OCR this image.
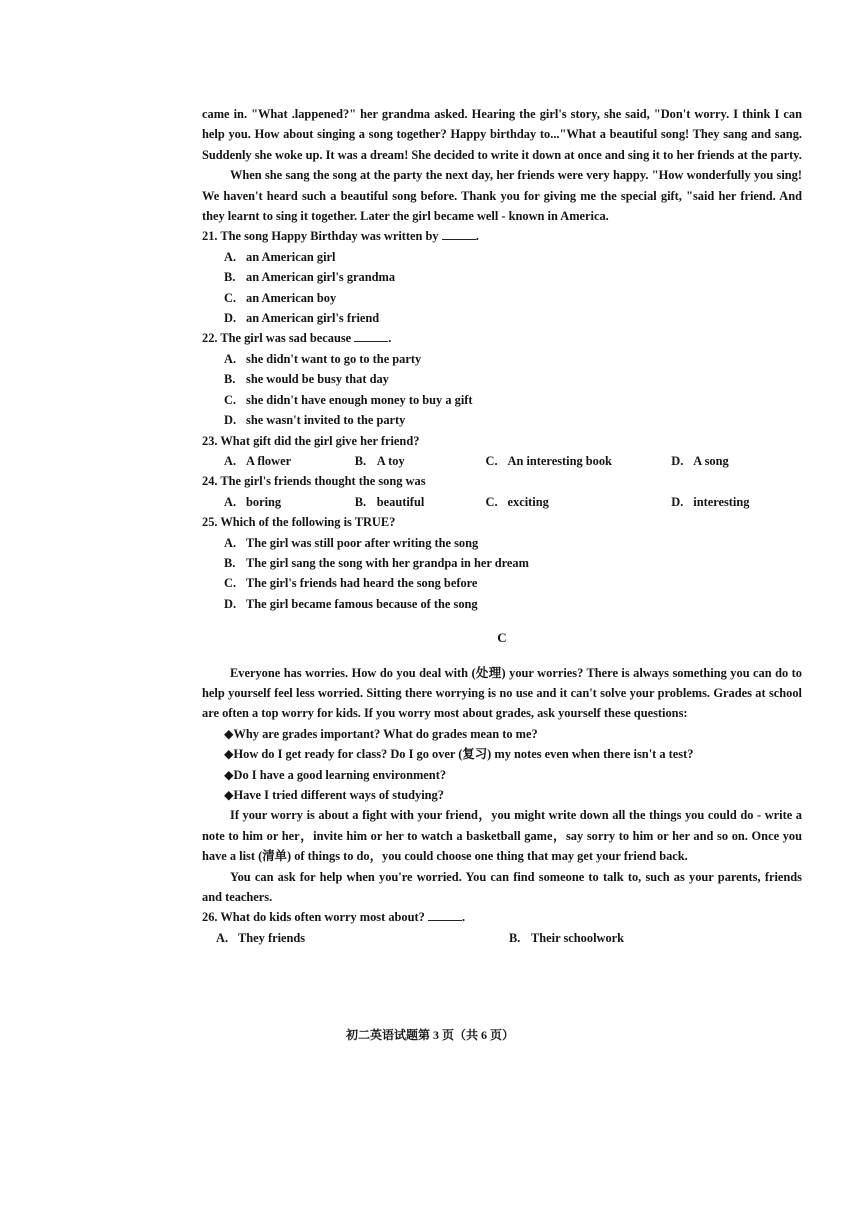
came in. "What .lappened?" her grandma asked. Hearing the girl's story, she said, "Don't worry. I think I can help you. How about singing a song together? Happy birthday to..."What a beautiful song! They sang and sang. Suddenly she woke up. It was a dream! She decided to write it down at once and sing it to her friends at the party.

When she sang the song at the party the next day, her friends were very happy. "How wonderfully you sing! We haven't heard such a beautiful song before. Thank you for giving me the special gift, "said her friend. And they learnt to sing it together. Later the girl became well - known in America.

21. The song Happy Birthday was written by	.

A. an American girl

B. an American girl's grandma

C. an American boy

D. an American girl's friend

22. The girl was sad because	.

A. she didn't want to go to the party

B. she would be busy that day

C. she didn't have enough money to buy a gift

D. she wasn't invited to the party

23. What gift did the girl give her friend?

A. A flower	B. A toy	C. An interesting book	D. A song

24. The girl's friends thought the song was

A. boring	B. beautiful	C. exciting	D. interesting

25. Which of the following is TRUE?

A. The girl was still poor after writing the song

B. The girl sang the song with her grandpa in her dream

C. The girl's friends had heard the song before

D. The girl became famous because of the song

C

Everyone has worries. How do you deal with (处理) your worries? There is always something you can do to help yourself feel less worried. Sitting there worrying is no use and it can't solve your problems. Grades at school are often a top worry for kids. If you worry most about grades, ask yourself these questions:

◆Why are grades important? What do grades mean to me?

◆How do I get ready for class? Do I go over (复习) my notes even when there isn't a test?

◆Do I have a good learning environment?

◆Have I tried different ways of studying?

If your worry is about a fight with your friend，you might write down all the things you could do - write a note to him or her，invite him or her to watch a basketball game，say sorry to him or her and so on. Once you have a list (清单) of things to do，you could choose one thing that may get your friend back.

You can ask for help when you're worried. You can find someone to talk to, such as your parents, friends and teachers.

26. What do kids often worry most about?	.

A. They friends	B. Their schoolwork
初二英语试题第 3 页（共 6 页）
